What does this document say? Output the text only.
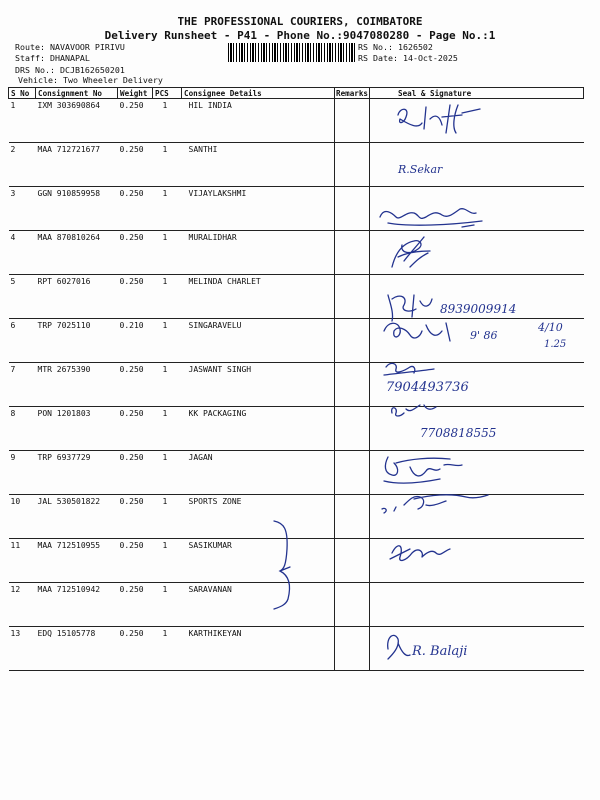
THE PROFESSIONAL COURIERS, COIMBATORE
Delivery Runsheet - P41 - Phone No.:9047080280 - Page No.:1
Route: NAVAVOOR PIRIVU
Staff: DHANAPAL
DRS No.: DCJB162650201
Vehicle: Two Wheeler Delivery
RS No.: 1626502
RS Date: 14-Oct-2025
S No	Consignment No	Weight	PCS	Consignee Details	Remarks	Seal & Signature
1	IXM 303690864	0.250	1	HIL INDIA		

2	MAA 712721677	0.250	1	SANTHI		R.Sekar

3	GGN 910859958	0.250	1	VIJAYLAKSHMI		

4	MAA 870810264	0.250	1	MURALIDHAR		

5	RPT 6027016	0.250	1	MELINDA CHARLET		8939009914

6	TRP 7025110	0.210	1	SINGARAVELU		9' 86
4/10
1.25

7	MTR 2675390	0.250	1	JASWANT SINGH		7904493736

8	PON 1201803	0.250	1	KK PACKAGING		7708818555

9	TRP 6937729	0.250	1	JAGAN		

10	JAL 530501822	0.250	1	SPORTS ZONE		

11	MAA 712510955	0.250	1	SASIKUMAR		

12	MAA 712510942	0.250	1	SARAVANAN		
13	EDQ 15105778	0.250	1	KARTHIKEYAN		R. Balaji
